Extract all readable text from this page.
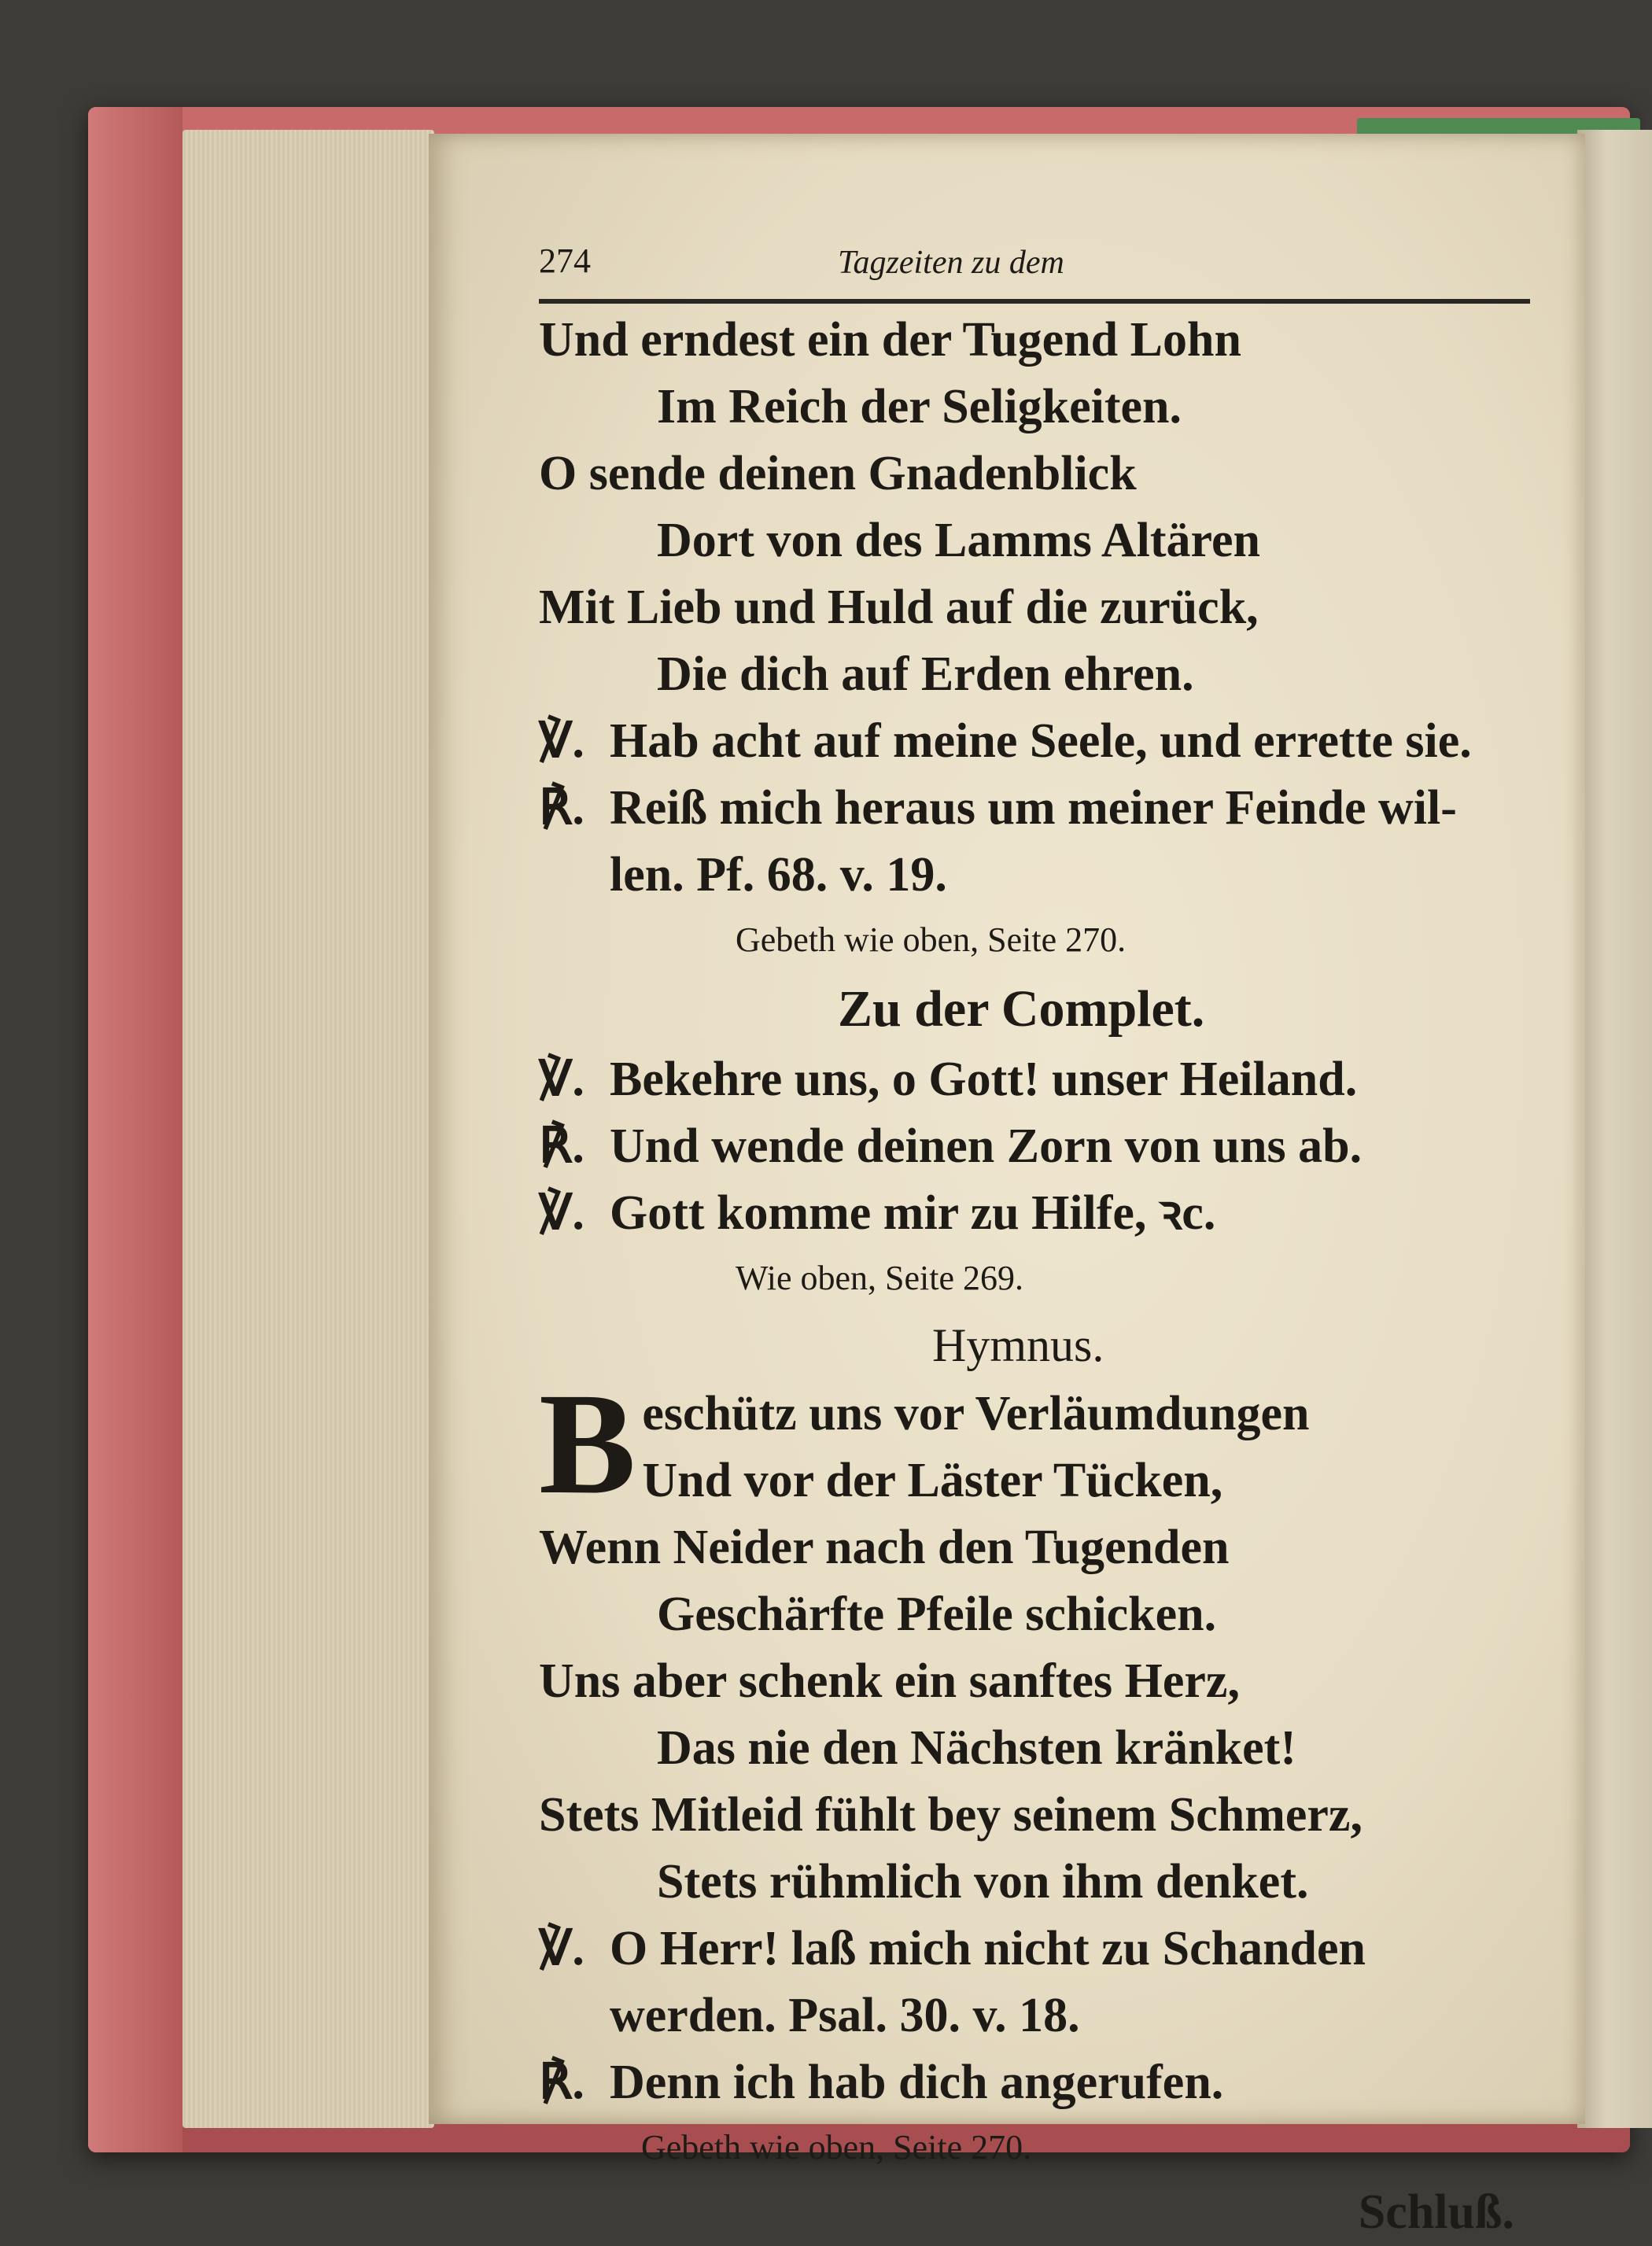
274	Tagzeiten zu dem
Und erndest ein der Tugend Lohn
Im Reich der Seligkeiten.
O sende deinen Gnadenblick
Dort von des Lamms Altären
Mit Lieb und Huld auf die zurück,
Die dich auf Erden ehren.
℣. Hab acht auf meine Seele, und errette sie.
℟. Reiß mich heraus um meiner Feinde wil-
len. Pf. 68. v. 19.
Gebeth wie oben, Seite 270.
Zu der Complet.
℣. Bekehre uns, o Gott! unser Heiland.
℟. Und wende deinen Zorn von uns ab.
℣. Gott komme mir zu Hilfe, ꝛc.
Wie oben, Seite 269.
Hymnus.
B eschütz uns vor Verläumdungen
Und vor der Läster Tücken,
Wenn Neider nach den Tugenden
Geschärfte Pfeile schicken.
Uns aber schenk ein sanftes Herz,
Das nie den Nächsten kränket!
Stets Mitleid fühlt bey seinem Schmerz,
Stets rühmlich von ihm denket.
℣. O Herr! laß mich nicht zu Schanden
werden. Psal. 30. v. 18.
℟. Denn ich hab dich angerufen.
Gebeth wie oben, Seite 270.
Schluß.
